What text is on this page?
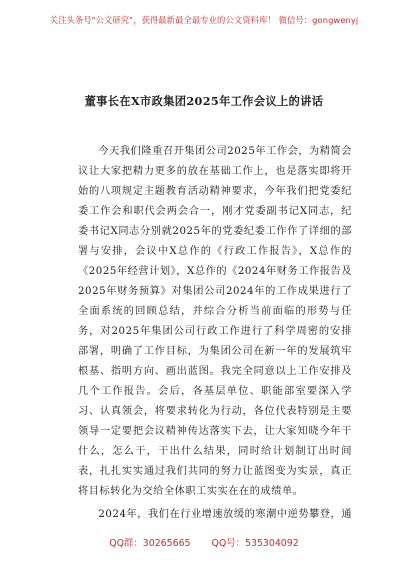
关注头条号"公文研究"，获得最新最全最专业的公文资料库！ 微信号：gongwenyj
董事长在X市政集团2025年工作会议上的讲话

今天我们隆重召开集团公司2025年工作会，为精简会议让大家把精力更多的放在基础工作上，也是落实即将开始的八项规定主题教育活动精神要求，今年我们把党委纪委工作会和职代会两会合一，刚才党委副书记X同志，纪委书记X同志分别就2025年的党委纪委工作作了详细的部署与安排，会议中X总作的《行政工作报告》，X总作的《2025年经营计划》，X总作的《2024年财务工作报告及2025年财务预算》对集团公司2024年的工作成果进行了全面系统的回顾总结，并综合分析当前面临的形势与任务，对2025年集团公司行政工作进行了科学周密的安排部署，明确了工作目标，为集团公司在新一年的发展筑牢根基、指明方向、画出蓝图。我完全同意以上工作安排及几个工作报告。会后，各基层单位、职能部室要深入学习、认真领会，将要求转化为行动，各位代表特别是主要领导一定要把会议精神传达落实下去，让大家知晓今年干什么，怎么干，干出什么结果，同时给计划制订出时间表，扎扎实实通过我们共同的努力让蓝图变为实景，真正将目标转化为交给全体职工实实在在的成绩单。

2024年，我们在行业增速放缓的寒潮中逆势攀登，通

QQ群：30265665 QQ号：535304092
